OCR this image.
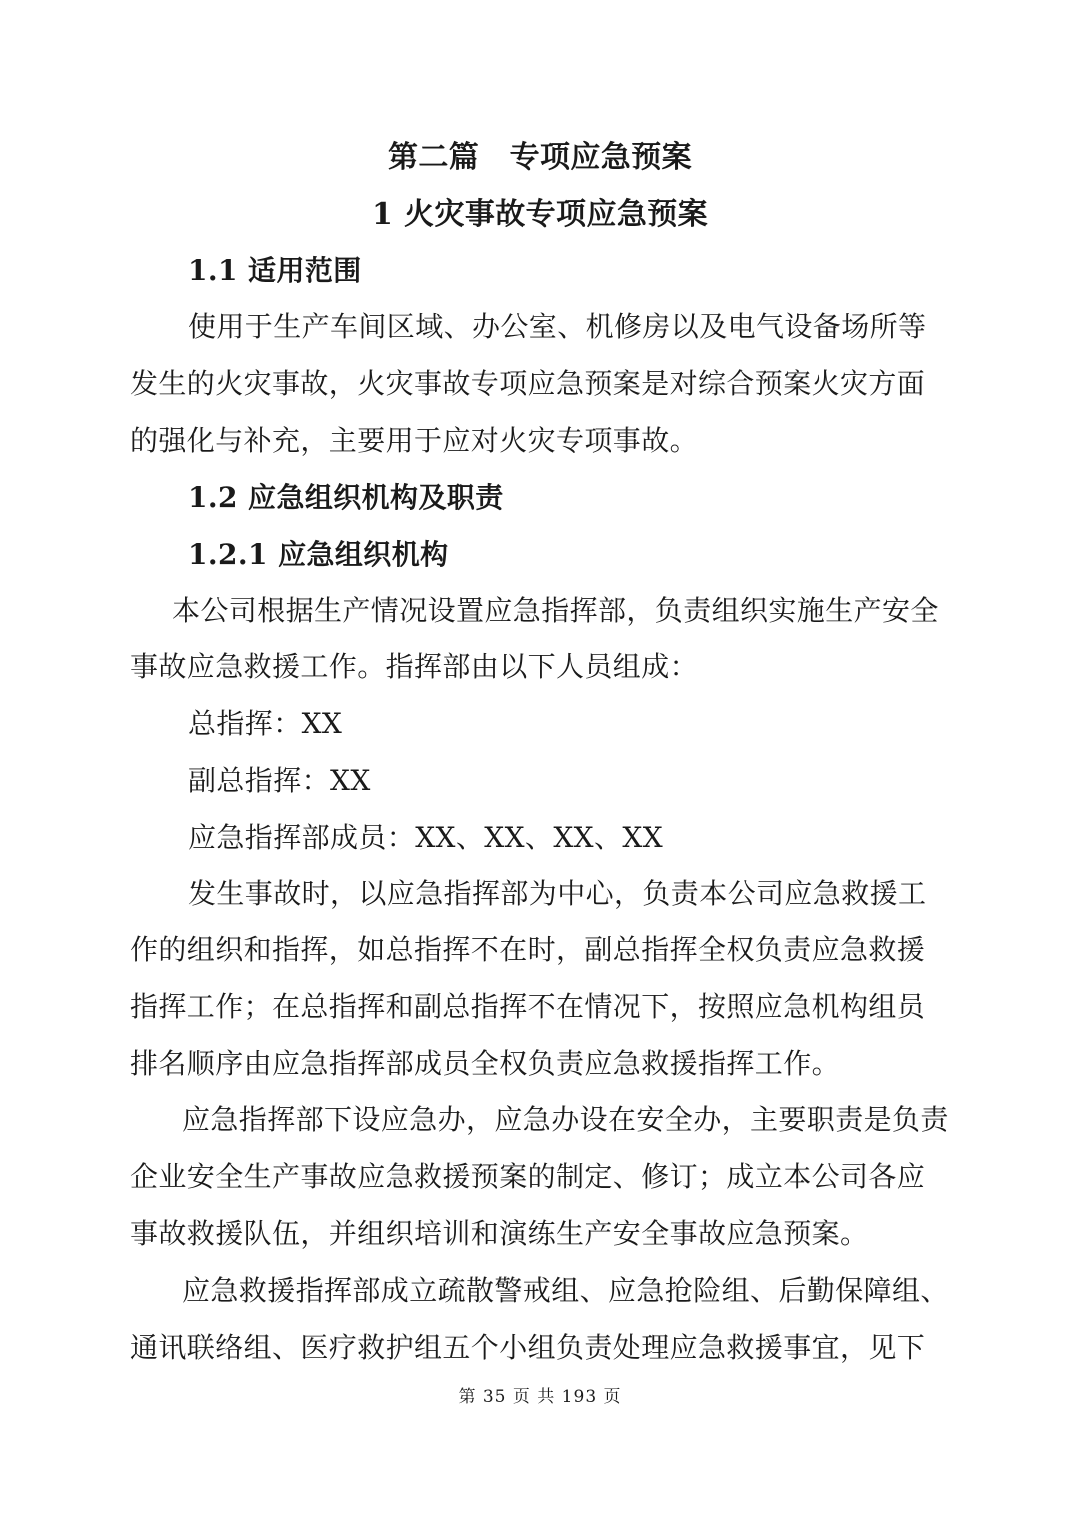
第二篇　专项应急预案
1 火灾事故专项应急预案
1.1 适用范围
使用于生产车间区域、办公室、机修房以及电气设备场所等
发生的火灾事故，火灾事故专项应急预案是对综合预案火灾方面
的强化与补充，主要用于应对火灾专项事故。
1.2 应急组织机构及职责
1.2.1 应急组织机构
本公司根据生产情况设置应急指挥部，负责组织实施生产安全
事故应急救援工作。指挥部由以下人员组成：
总指挥：XX
副总指挥：XX
应急指挥部成员：XX、XX、XX、XX
发生事故时，以应急指挥部为中心，负责本公司应急救援工
作的组织和指挥，如总指挥不在时，副总指挥全权负责应急救援
指挥工作；在总指挥和副总指挥不在情况下，按照应急机构组员
排名顺序由应急指挥部成员全权负责应急救援指挥工作。
应急指挥部下设应急办，应急办设在安全办，主要职责是负责
企业安全生产事故应急救援预案的制定、修订；成立本公司各应
事故救援队伍，并组织培训和演练生产安全事故应急预案。
应急救援指挥部成立疏散警戒组、应急抢险组、后勤保障组、
通讯联络组、医疗救护组五个小组负责处理应急救援事宜，见下
第 35 页 共 193 页
